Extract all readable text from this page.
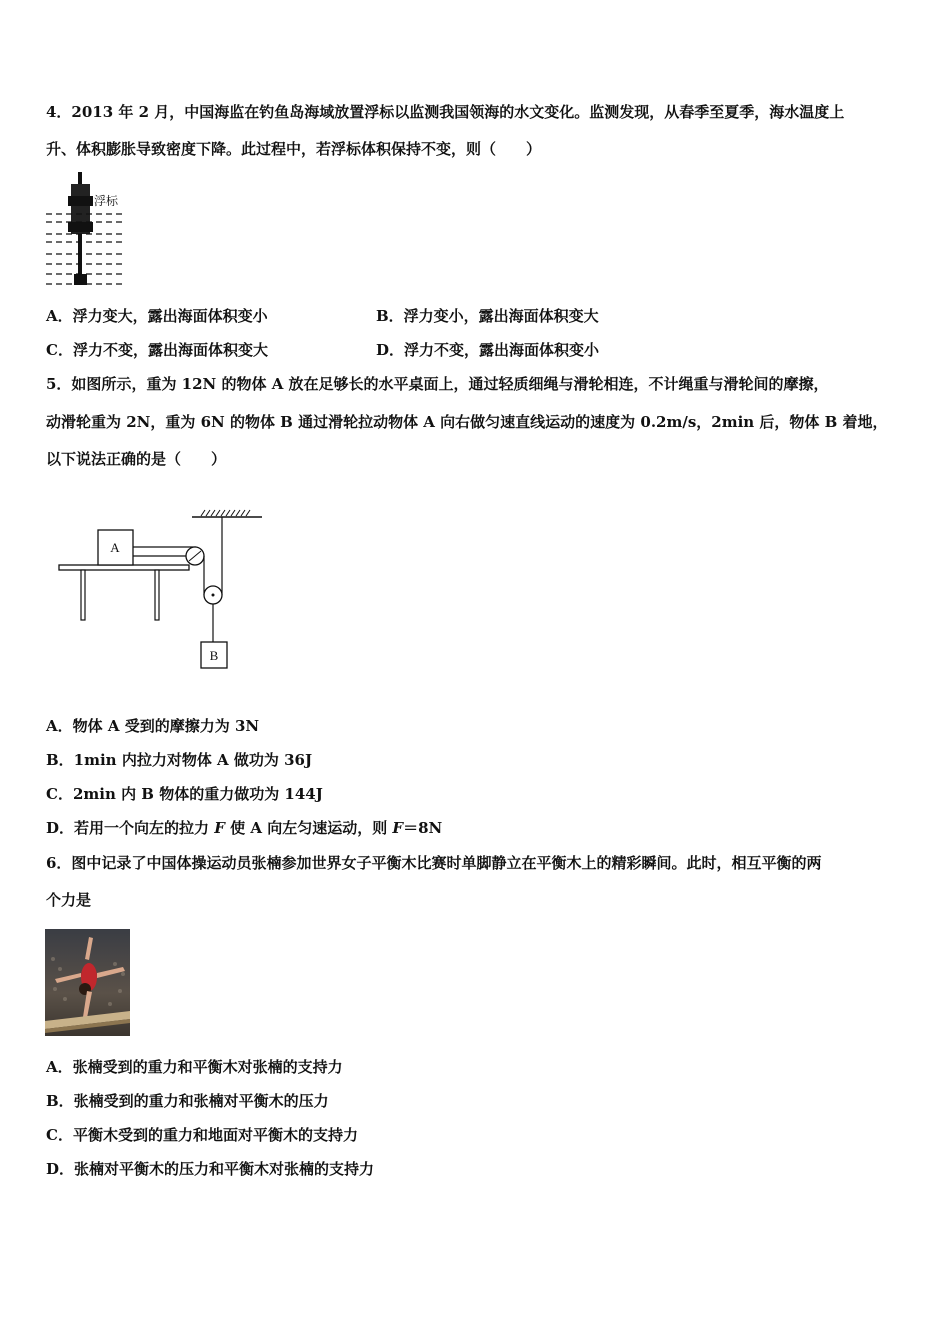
4．2013 年 2 月，中国海监在钓鱼岛海域放置浮标以监测我国领海的水文变化。监测发现，从春季至夏季，海水温度上
升、体积膨胀导致密度下降。此过程中，若浮标体积保持不变，则（　　）
浮标
A．浮力变大，露出海面体积变小	B．浮力变小，露出海面体积变大
C．浮力不变，露出海面体积变大	D．浮力不变，露出海面体积变小
5．如图所示，重为 12N 的物体 A 放在足够长的水平桌面上，通过轻质细绳与滑轮相连，不计绳重与滑轮间的摩擦，
动滑轮重为 2N，重为 6N 的物体 B 通过滑轮拉动物体 A 向右做匀速直线运动的速度为 0.2m/s，2min 后，物体 B 着地，
以下说法正确的是（　　）
A
B
A．物体 A 受到的摩擦力为 3N
B．1min 内拉力对物体 A 做功为 36J
C．2min 内 B 物体的重力做功为 144J
D．若用一个向左的拉力 F 使 A 向左匀速运动，则 F＝8N
6．图中记录了中国体操运动员张楠参加世界女子平衡木比赛时单脚静立在平衡木上的精彩瞬间。此时，相互平衡的两
个力是
A．张楠受到的重力和平衡木对张楠的支持力
B．张楠受到的重力和张楠对平衡木的压力
C．平衡木受到的重力和地面对平衡木的支持力
D．张楠对平衡木的压力和平衡木对张楠的支持力
